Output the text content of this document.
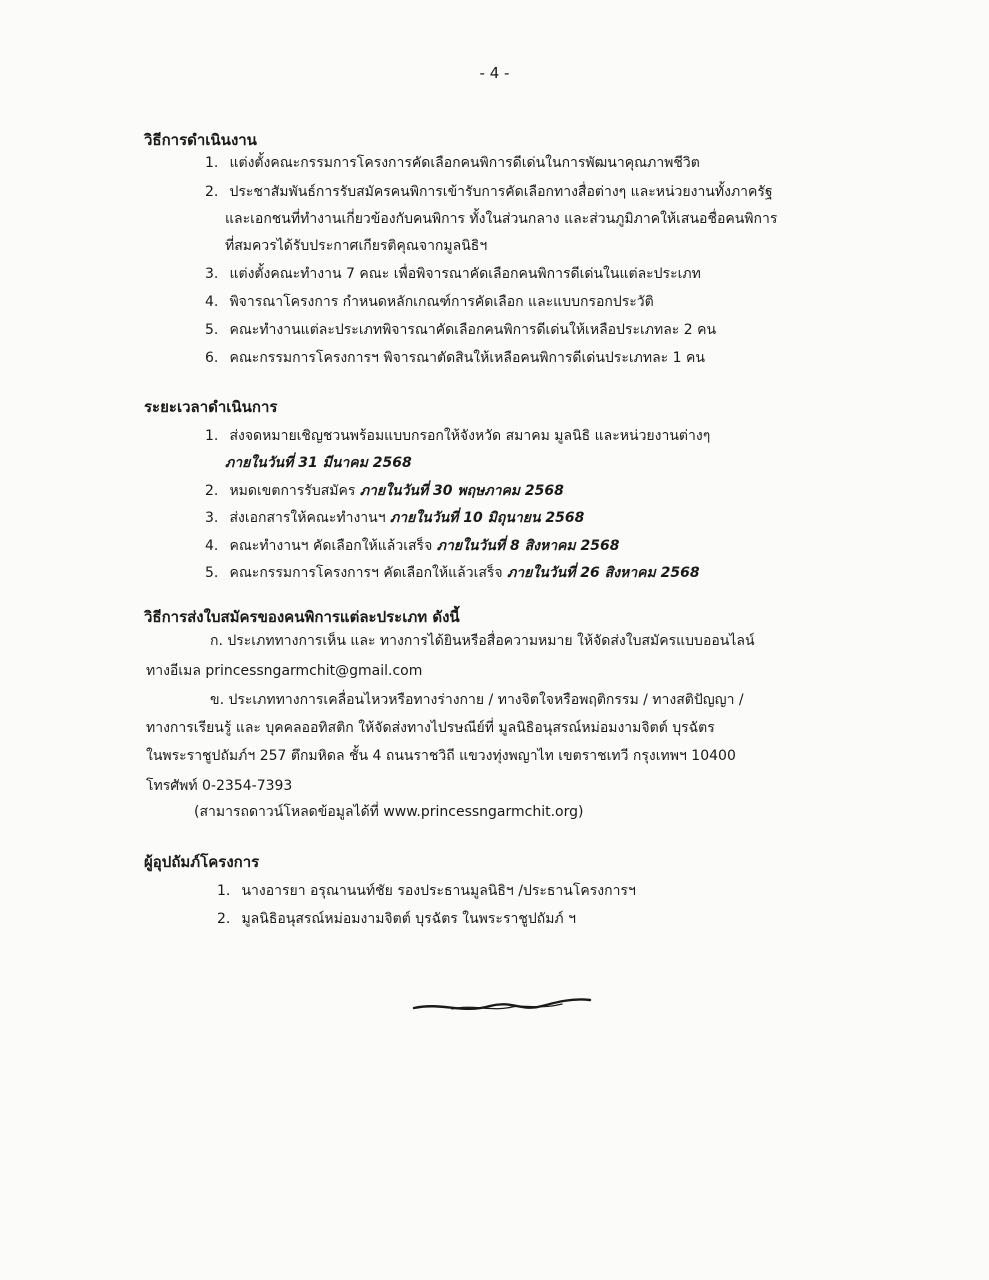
- 4 -
วิธีการดำเนินงาน
1. แต่งตั้งคณะกรรมการโครงการคัดเลือกคนพิการดีเด่นในการพัฒนาคุณภาพชีวิต
2. ประชาสัมพันธ์การรับสมัครคนพิการเข้ารับการคัดเลือกทางสื่อต่างๆ และหน่วยงานทั้งภาครัฐ
และเอกชนที่ทำงานเกี่ยวข้องกับคนพิการ ทั้งในส่วนกลาง และส่วนภูมิภาคให้เสนอชื่อคนพิการ
ที่สมควรได้รับประกาศเกียรติคุณจากมูลนิธิฯ
3. แต่งตั้งคณะทำงาน 7 คณะ เพื่อพิจารณาคัดเลือกคนพิการดีเด่นในแต่ละประเภท
4. พิจารณาโครงการ กำหนดหลักเกณฑ์การคัดเลือก และแบบกรอกประวัติ
5. คณะทำงานแต่ละประเภทพิจารณาคัดเลือกคนพิการดีเด่นให้เหลือประเภทละ 2 คน
6. คณะกรรมการโครงการฯ พิจารณาตัดสินให้เหลือคนพิการดีเด่นประเภทละ 1 คน
ระยะเวลาดำเนินการ
1. ส่งจดหมายเชิญชวนพร้อมแบบกรอกให้จังหวัด สมาคม มูลนิธิ และหน่วยงานต่างๆ
ภายในวันที่ 31 มีนาคม 2568
2. หมดเขตการรับสมัคร ภายในวันที่ 30 พฤษภาคม 2568
3. ส่งเอกสารให้คณะทำงานฯ ภายในวันที่ 10 มิถุนายน 2568
4. คณะทำงานฯ คัดเลือกให้แล้วเสร็จ ภายในวันที่ 8 สิงหาคม 2568
5. คณะกรรมการโครงการฯ คัดเลือกให้แล้วเสร็จ ภายในวันที่ 26 สิงหาคม 2568
วิธีการส่งใบสมัครของคนพิการแต่ละประเภท ดังนี้
ก. ประเภททางการเห็น และ ทางการได้ยินหรือสื่อความหมาย ให้จัดส่งใบสมัครแบบออนไลน์
ทางอีเมล princessngarmchit@gmail.com
ข. ประเภททางการเคลื่อนไหวหรือทางร่างกาย / ทางจิตใจหรือพฤติกรรม / ทางสติปัญญา /
ทางการเรียนรู้ และ บุคคลออทิสติก ให้จัดส่งทางไปรษณีย์ที่ มูลนิธิอนุสรณ์หม่อมงามจิตต์ บุรฉัตร
ในพระราชูปถัมภ์ฯ 257 ตึกมหิดล ชั้น 4 ถนนราชวิถี แขวงทุ่งพญาไท เขตราชเทวี กรุงเทพฯ 10400
โทรศัพท์ 0-2354-7393
(สามารถดาวน์โหลดข้อมูลได้ที่ www.princessngarmchit.org)
ผู้อุปถัมภ์โครงการ
1. นางอารยา อรุณานนท์ชัย รองประธานมูลนิธิฯ /ประธานโครงการฯ
2. มูลนิธิอนุสรณ์หม่อมงามจิตต์ บุรฉัตร ในพระราชูปถัมภ์ ฯ
